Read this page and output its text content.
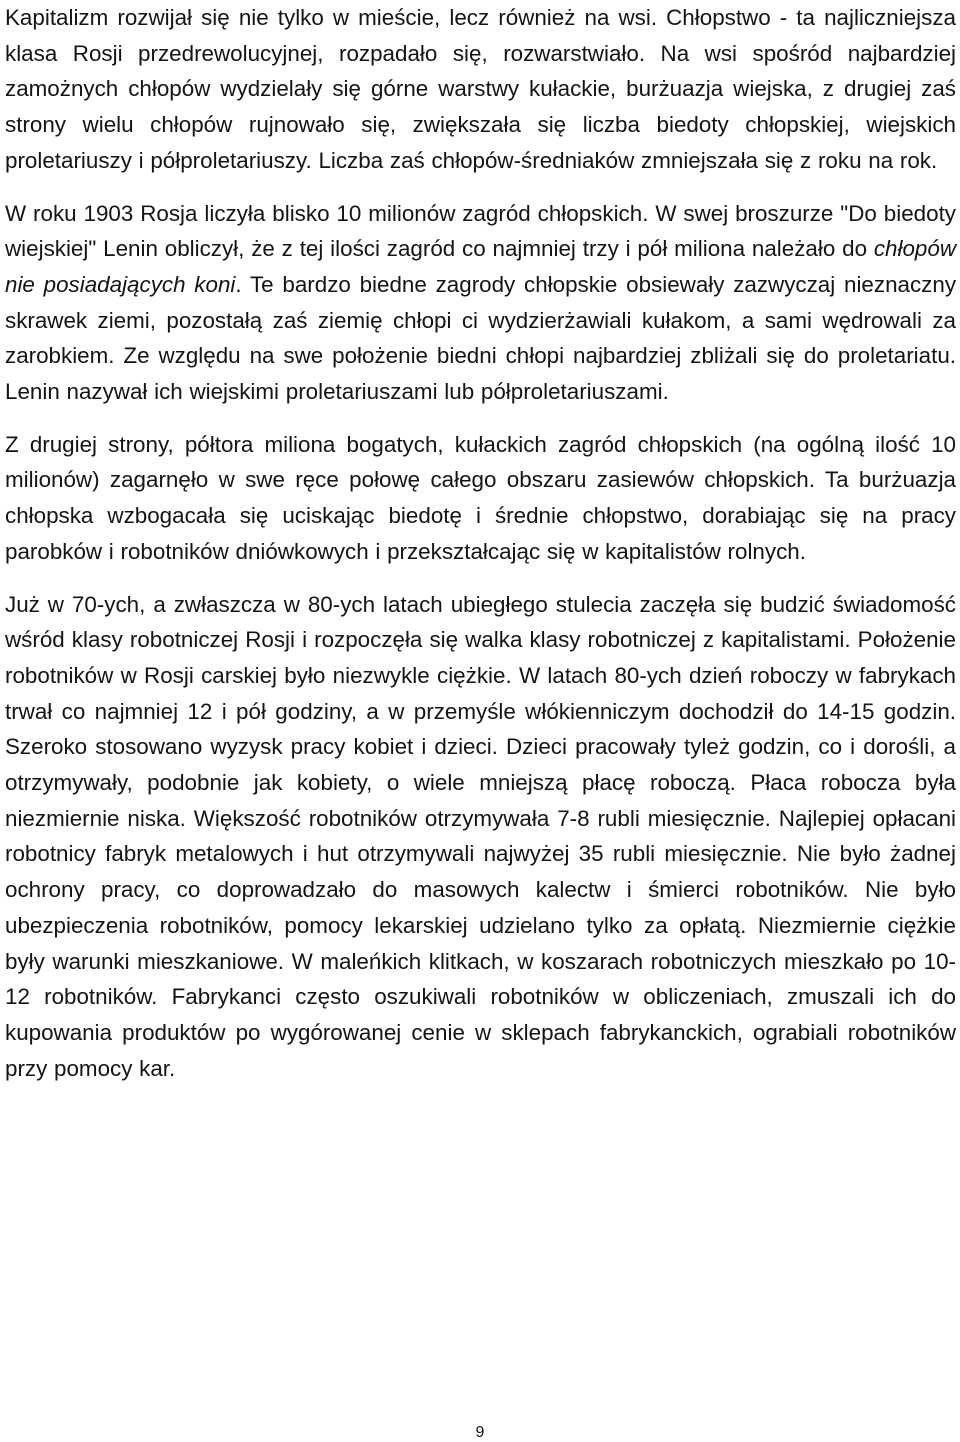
Kapitalizm rozwijał się nie tylko w mieście, lecz również na wsi. Chłopstwo - ta najliczniejsza klasa Rosji przedrewolucyjnej, rozpadało się, rozwarstwiało. Na wsi spośród najbardziej zamożnych chłopów wydzielały się górne warstwy kułackie, burżuazja wiejska, z drugiej zaś strony wielu chłopów rujnowało się, zwiększała się liczba biedoty chłopskiej, wiejskich proletariuszy i półproletariuszy. Liczba zaś chłopów-średniaków zmniejszała się z roku na rok.

W roku 1903 Rosja liczyła blisko 10 milionów zagród chłopskich. W swej broszurze "Do biedoty wiejskiej" Lenin obliczył, że z tej ilości zagród co najmniej trzy i pół miliona należało do chłopów nie posiadających koni. Te bardzo biedne zagrody chłopskie obsiewały zazwyczaj nieznaczny skrawek ziemi, pozostałą zaś ziemię chłopi ci wydzierżawiali kułakom, a sami wędrowali za zarobkiem. Ze względu na swe położenie biedni chłopi najbardziej zbliżali się do proletariatu. Lenin nazywał ich wiejskimi proletariuszami lub półproletariuszami.

Z drugiej strony, półtora miliona bogatych, kułackich zagród chłopskich (na ogólną ilość 10 milionów) zagarnęło w swe ręce połowę całego obszaru zasiewów chłopskich. Ta burżuazja chłopska wzbogacała się uciskając biedotę i średnie chłopstwo, dorabiając się na pracy parobków i robotników dniówkowych i przekształcając się w kapitalistów rolnych.

Już w 70-ych, a zwłaszcza w 80-ych latach ubiegłego stulecia zaczęła się budzić świadomość wśród klasy robotniczej Rosji i rozpoczęła się walka klasy robotniczej z kapitalistami. Położenie robotników w Rosji carskiej było niezwykle ciężkie. W latach 80-ych dzień roboczy w fabrykach trwał co najmniej 12 i pół godziny, a w przemyśle włókienniczym dochodził do 14-15 godzin. Szeroko stosowano wyzysk pracy kobiet i dzieci. Dzieci pracowały tyleż godzin, co i dorośli, a otrzymywały, podobnie jak kobiety, o wiele mniejszą płacę roboczą. Płaca robocza była niezmiernie niska. Większość robotników otrzymywała 7-8 rubli miesięcznie. Najlepiej opłacani robotnicy fabryk metalowych i hut otrzymywali najwyżej 35 rubli miesięcznie. Nie było żadnej ochrony pracy, co doprowadzało do masowych kalectw i śmierci robotników. Nie było ubezpieczenia robotników, pomocy lekarskiej udzielano tylko za opłatą. Niezmiernie ciężkie były warunki mieszkaniowe. W maleńkich klitkach, w koszarach robotniczych mieszkało po 10-12 robotników. Fabrykanci często oszukiwali robotników w obliczeniach, zmuszali ich do kupowania produktów po wygórowanej cenie w sklepach fabrykanckich, ograbiali robotników przy pomocy kar.

9
